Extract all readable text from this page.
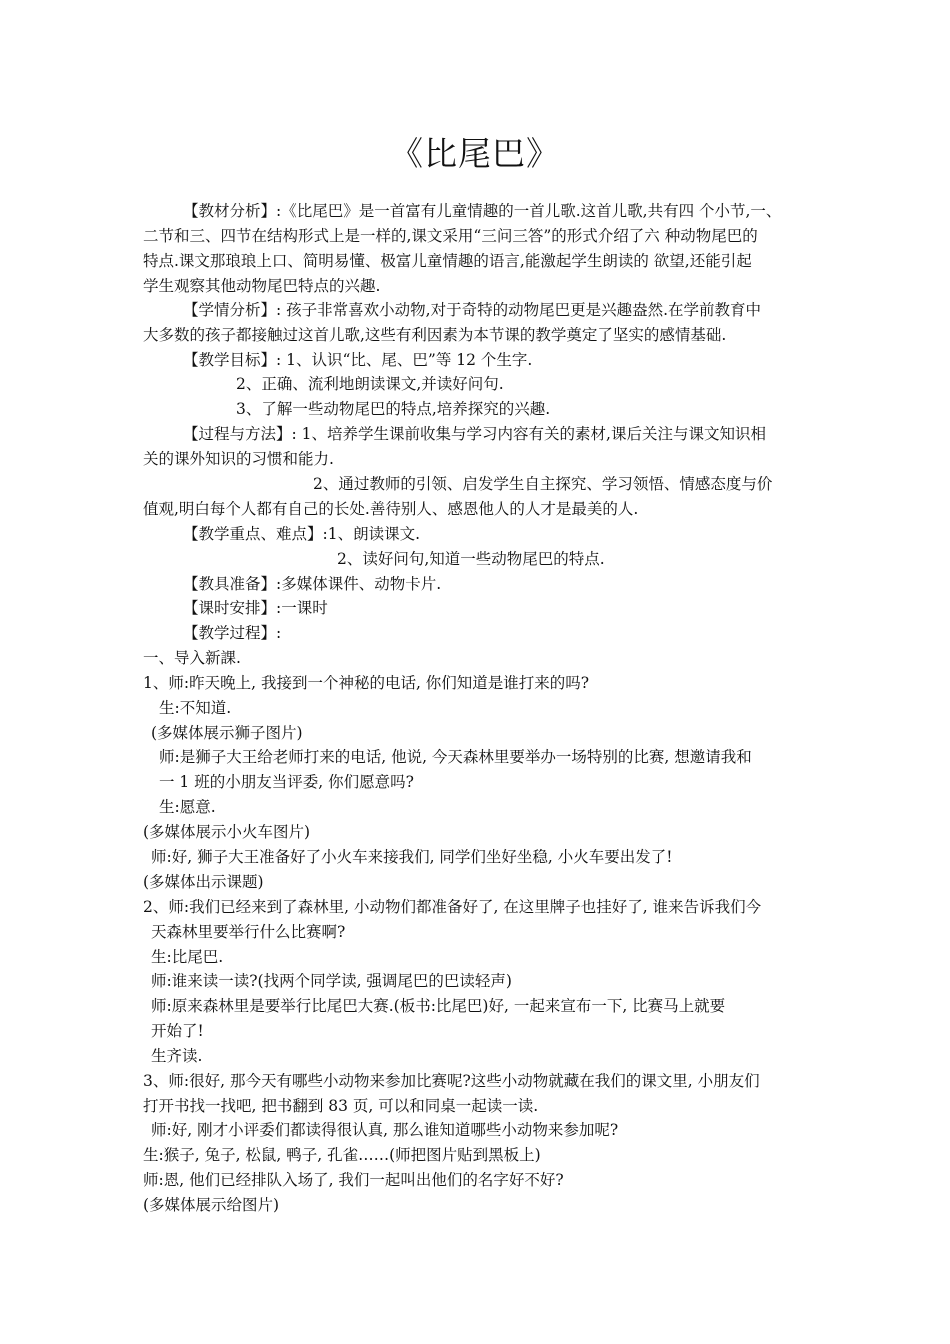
《比尾巴》
【教材分析】:《比尾巴》是一首富有儿童情趣的一首儿歌.这首儿歌,共有四 个小节,一、
二节和三、四节在结构形式上是一样的,课文采用“三问三答”的形式介绍了六 种动物尾巴的
特点.课文那琅琅上口、简明易懂、极富儿童情趣的语言,能激起学生朗读的 欲望,还能引起
学生观察其他动物尾巴特点的兴趣.
【学情分析】: 孩子非常喜欢小动物,对于奇特的动物尾巴更是兴趣盎然.在学前教育中
大多数的孩子都接触过这首儿歌,这些有利因素为本节课的教学奠定了坚实的感情基础.
【教学目标】: 1、认识“比、尾、巴”等 12 个生字.
2、正确、流利地朗读课文,并读好问句.
3、了解一些动物尾巴的特点,培养探究的兴趣.
【过程与方法】: 1、培养学生课前收集与学习内容有关的素材,课后关注与课文知识相
关的课外知识的习惯和能力.
2、通过教师的引领、启发学生自主探究、学习领悟、情感态度与价
值观,明白每个人都有自己的长处.善待别人、感恩他人的人才是最美的人.
【教学重点、难点】:1、朗读课文.
2、读好问句,知道一些动物尾巴的特点.
【教具准备】:多媒体课件、动物卡片.
【课时安排】:一课时
【教学过程】:
一、导入新課.
1、师:昨天晚上, 我接到一个神秘的电话, 你们知道是谁打来的吗?
生:不知道.
(多媒体展示狮子图片)
师:是狮子大王给老师打来的电话, 他说, 今天森林里要举办一场特别的比赛, 想邀请我和
一 1 班的小朋友当评委, 你们愿意吗?
生:愿意.
(多媒体展示小火车图片)
师:好, 狮子大王准备好了小火车来接我们, 同学们坐好坐稳, 小火车要出发了!
(多媒体出示课题)
2、师:我们已经来到了森林里, 小动物们都准备好了, 在这里牌子也挂好了, 谁来告诉我们今
天森林里要举行什么比赛啊?
生:比尾巴.
师:谁来读一读?(找两个同学读, 强调尾巴的巴读轻声)
师:原来森林里是要举行比尾巴大赛.(板书:比尾巴)好, 一起来宣布一下, 比赛马上就要
开始了!
生齐读.
3、师:很好, 那今天有哪些小动物来参加比赛呢?这些小动物就藏在我们的课文里, 小朋友们
打开书找一找吧, 把书翻到 83 页, 可以和同桌一起读一读.
师:好, 刚才小评委们都读得很认真, 那么谁知道哪些小动物来参加呢?
生:猴子, 兔子, 松鼠, 鸭子, 孔雀……(师把图片贴到黑板上)
师:恩, 他们已经排队入场了, 我们一起叫出他们的名字好不好?
(多媒体展示给图片)
